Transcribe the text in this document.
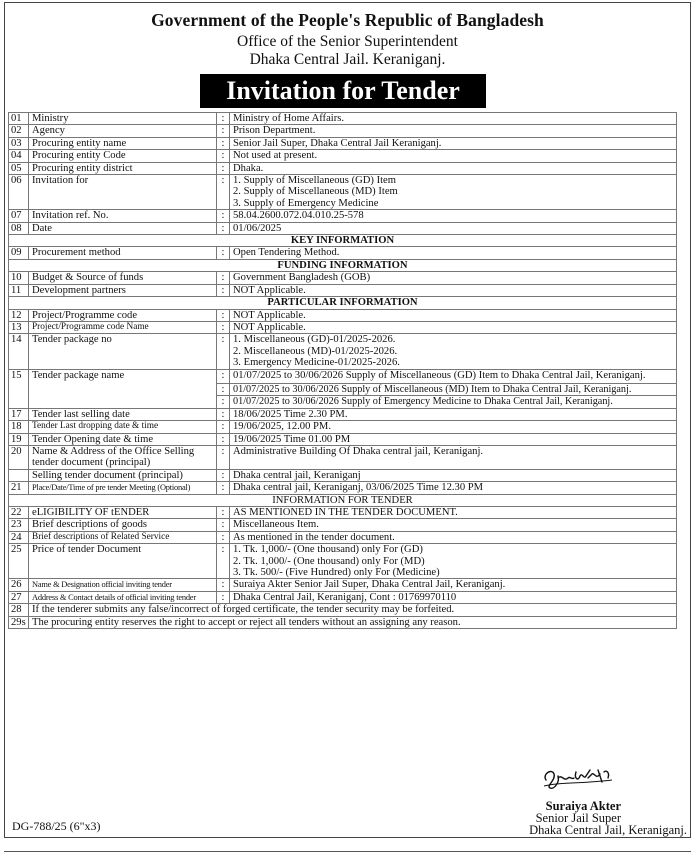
Government of the People's Republic of Bangladesh
Office of the Senior Superintendent
Dhaka Central Jail. Keraniganj.
Invitation for Tender
01	Ministry	:	Ministry of Home Affairs.
02	Agency	:	Prison Department.
03	Procuring entity name	:	Senior Jail Super, Dhaka Central Jail Keraniganj.
04	Procuring entity Code	:	Not used at present.
05	Procuring entity district	:	Dhaka.
06	Invitation for	:	1. Supply of Miscellaneous (GD) Item
2. Supply of Miscellaneous (MD) Item
3. Supply of Emergency Medicine

07	Invitation ref. No.	:	58.04.2600.072.04.010.25-578
08	Date	:	01/06/2025
KEY INFORMATION			
09	Procurement method	:	Open Tendering Method.
FUNDING INFORMATION			
10	Budget & Source of funds	:	Government Bangladesh (GOB)
11	Development partners	:	NOT Applicable.
PARTICULAR INFORMATION			
12	Project/Programme code	:	NOT Applicable.
13	Project/Programme code Name	:	NOT Applicable.
14	Tender package no	:	1. Miscellaneous (GD)-01/2025-2026.
2. Miscellaneous (MD)-01/2025-2026.
3. Emergency Medicine-01/2025-2026.

15	Tender package name	:	01/07/2025 to 30/06/2026 Supply of Miscellaneous (GD) Item to Dhaka Central Jail, Keraniganj.
		:	01/07/2025 to 30/06/2026 Supply of Miscellaneous (MD) Item to Dhaka Central Jail, Keraniganj.
		:	01/07/2025 to 30/06/2026 Supply of Emergency Medicine to Dhaka Central Jail, Keraniganj.
17	Tender last selling date	:	18/06/2025 Time 2.30 PM.
18	Tender Last dropping date & time	:	19/06/2025, 12.00 PM.
19	Tender Opening date & time	:	19/06/2025 Time 01.00 PM
20	Name & Address of the Office Selling tender document (principal)	:	Administrative Building Of Dhaka central jail, Keraniganj.
	Selling tender document (principal)	:	Dhaka central jail, Keraniganj
21	Place/Date/Time of pre tender Meeting (Optional)	:	Dhaka central jail, Keraniganj, 03/06/2025 Time 12.30 PM
INFORMATION FOR TENDER			
22	eLIGIBILITY OF tENDER	:	AS MENTIONED IN THE TENDER DOCUMENT.
23	Brief descriptions of goods	:	Miscellaneous Item.
24	Brief descriptions of Related Service	:	As mentioned in the tender document.
25	Price of tender Document	:	1. Tk. 1,000/- (One thousand) only For (GD)
2. Tk. 1,000/- (One thousand) only For (MD)
3. Tk. 500/- (Five Hundred) only For (Medicine)

26	Name & Designation official inviting tender	:	Suraiya Akter Senior Jail Super, Dhaka Central Jail, Keraniganj.
27	Address & Contact details of official inviting tender	:	Dhaka Central Jail, Keraniganj, Cont : 01769970110
28	If the tenderer submits any false/incorrect of forged certificate, the tender security may be forfeited.		
29s	The procuring entity reserves the right to accept or reject all tenders without an assigning any reason.		
Suraiya Akter
Senior Jail Super
Dhaka Central Jail, Keraniganj.
DG-788/25 (6"x3)
